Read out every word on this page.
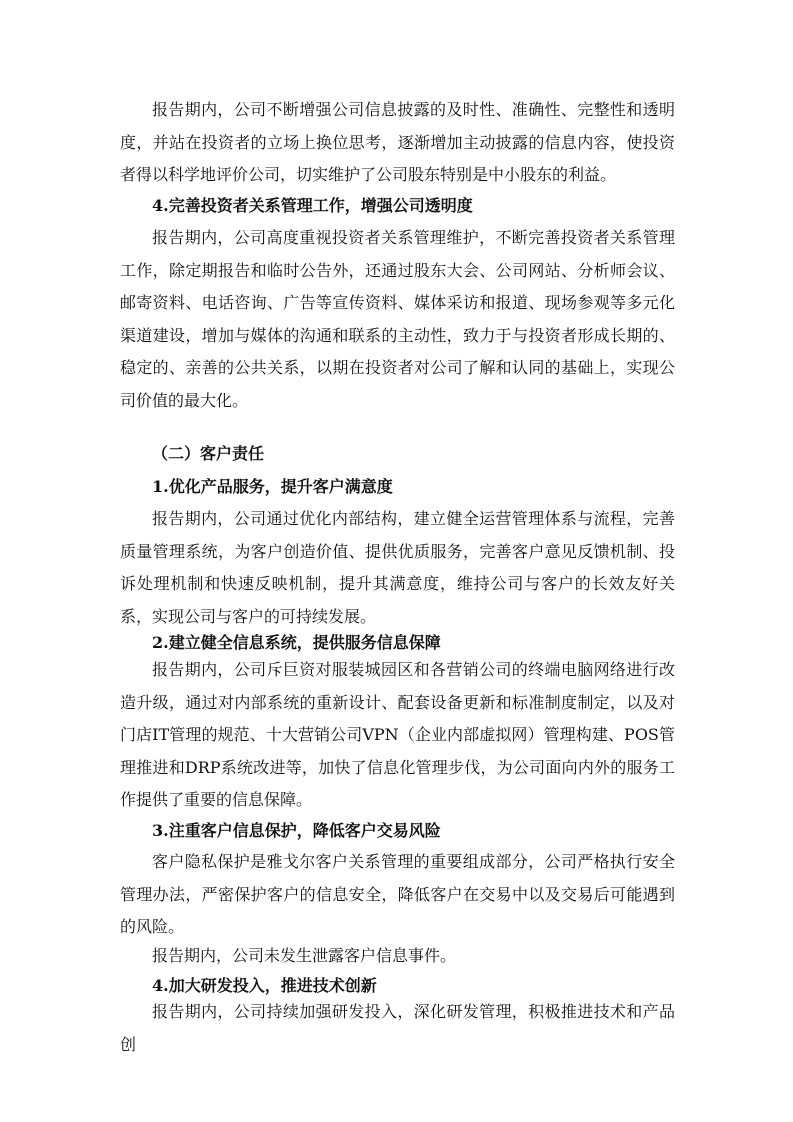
报告期内，公司不断增强公司信息披露的及时性、准确性、完整性和透明度，并站在投资者的立场上换位思考，逐渐增加主动披露的信息内容，使投资者得以科学地评价公司，切实维护了公司股东特别是中小股东的利益。

4.完善投资者关系管理工作，增强公司透明度

报告期内，公司高度重视投资者关系管理维护，不断完善投资者关系管理工作，除定期报告和临时公告外，还通过股东大会、公司网站、分析师会议、邮寄资料、电话咨询、广告等宣传资料、媒体采访和报道、现场参观等多元化渠道建设，增加与媒体的沟通和联系的主动性，致力于与投资者形成长期的、稳定的、亲善的公共关系，以期在投资者对公司了解和认同的基础上，实现公司价值的最大化。

（二）客户责任

1.优化产品服务，提升客户满意度

报告期内，公司通过优化内部结构，建立健全运营管理体系与流程，完善质量管理系统，为客户创造价值、提供优质服务，完善客户意见反馈机制、投诉处理机制和快速反映机制，提升其满意度，维持公司与客户的长效友好关系，实现公司与客户的可持续发展。

2.建立健全信息系统，提供服务信息保障

报告期内，公司斥巨资对服装城园区和各营销公司的终端电脑网络进行改造升级，通过对内部系统的重新设计、配套设备更新和标准制度制定，以及对门店IT管理的规范、十大营销公司VPN（企业内部虚拟网）管理构建、POS管理推进和DRP系统改进等，加快了信息化管理步伐，为公司面向内外的服务工作提供了重要的信息保障。

3.注重客户信息保护，降低客户交易风险

客户隐私保护是雅戈尔客户关系管理的重要组成部分，公司严格执行安全管理办法，严密保护客户的信息安全，降低客户在交易中以及交易后可能遇到的风险。

报告期内，公司未发生泄露客户信息事件。

4.加大研发投入，推进技术创新

报告期内，公司持续加强研发投入，深化研发管理，积极推进技术和产品创
